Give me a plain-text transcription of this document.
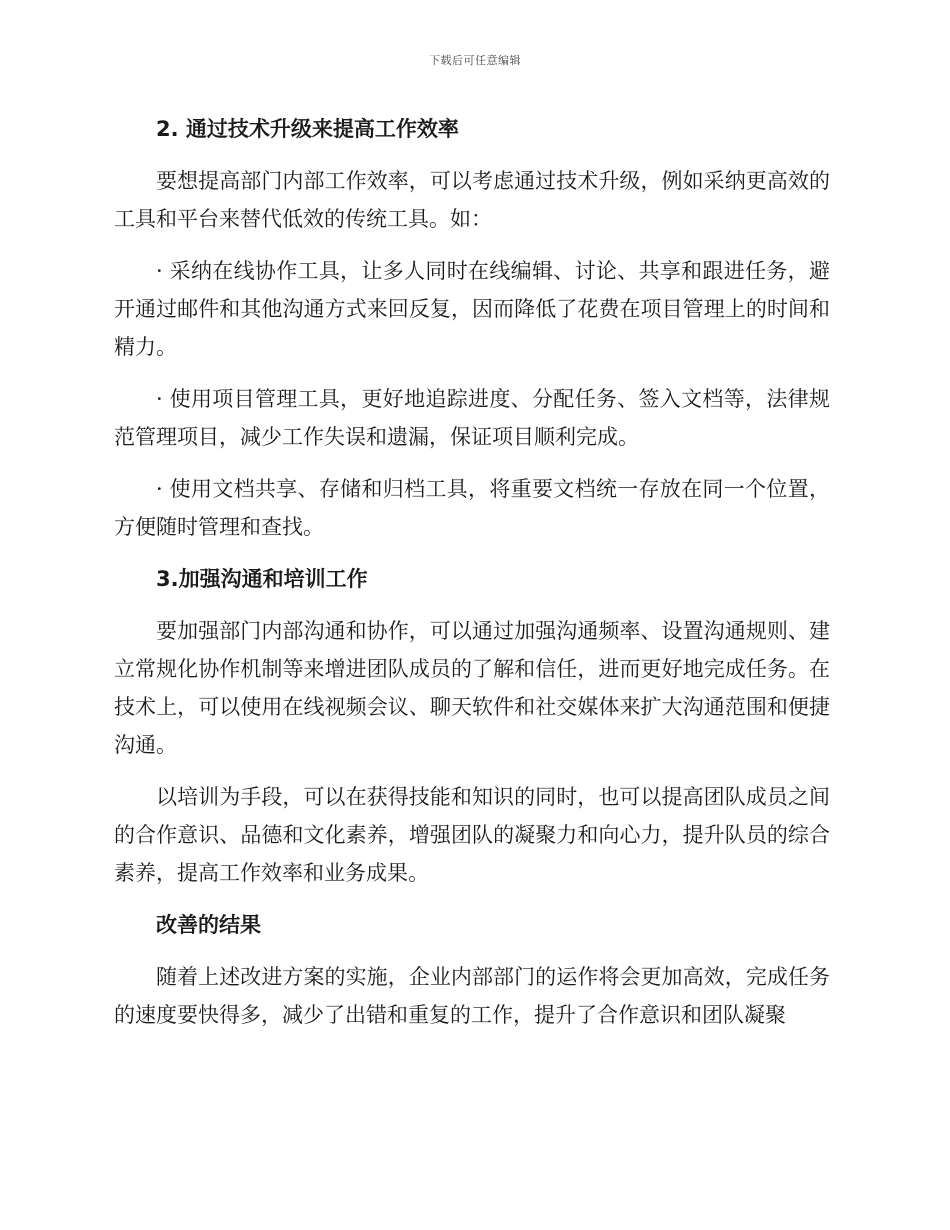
下载后可任意编辑
2. 通过技术升级来提高工作效率

要想提高部门内部工作效率，可以考虑通过技术升级，例如采纳更高效的工具和平台来替代低效的传统工具。如：

· 采纳在线协作工具，让多人同时在线编辑、讨论、共享和跟进任务，避开通过邮件和其他沟通方式来回反复，因而降低了花费在项目管理上的时间和精力。

· 使用项目管理工具，更好地追踪进度、分配任务、签入文档等，法律规范管理项目，减少工作失误和遗漏，保证项目顺利完成。

· 使用文档共享、存储和归档工具，将重要文档统一存放在同一个位置，方便随时管理和查找。

3.加强沟通和培训工作

要加强部门内部沟通和协作，可以通过加强沟通频率、设置沟通规则、建立常规化协作机制等来增进团队成员的了解和信任，进而更好地完成任务。在技术上，可以使用在线视频会议、聊天软件和社交媒体来扩大沟通范围和便捷沟通。

以培训为手段，可以在获得技能和知识的同时，也可以提高团队成员之间的合作意识、品德和文化素养，增强团队的凝聚力和向心力，提升队员的综合素养，提高工作效率和业务成果。

改善的结果

随着上述改进方案的实施，企业内部部门的运作将会更加高效，完成任务的速度要快得多，减少了出错和重复的工作，提升了合作意识和团队凝聚
